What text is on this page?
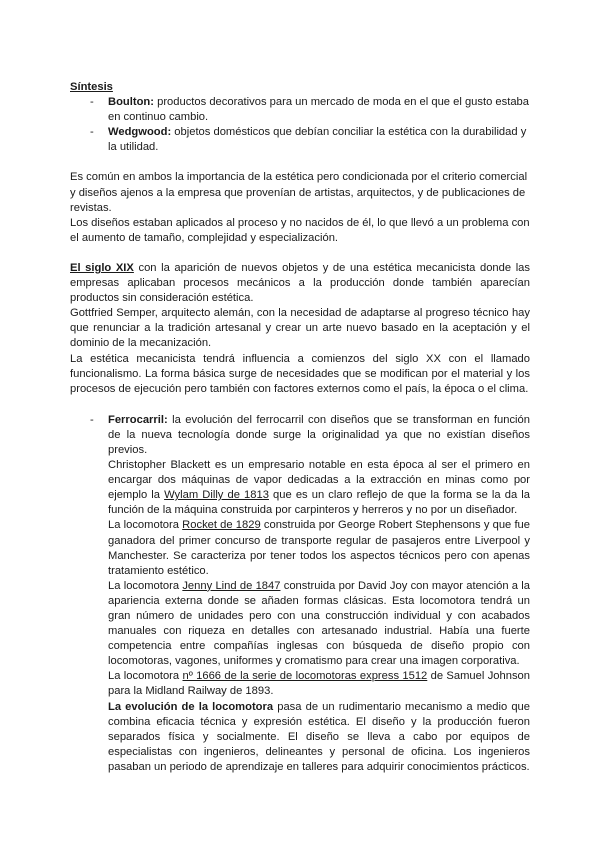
Síntesis

- Boulton: productos decorativos para un mercado de moda en el que el gusto estaba en continuo cambio.
- Wedgwood: objetos domésticos que debían conciliar la estética con la durabilidad y la utilidad.

Es común en ambos la importancia de la estética pero condicionada por el criterio comercial y diseños ajenos a la empresa que provenían de artistas, arquitectos, y de publicaciones de revistas.

Los diseños estaban aplicados al proceso y no nacidos de él, lo que llevó a un problema con el aumento de tamaño, complejidad y especialización.

El siglo XIX con la aparición de nuevos objetos y de una estética mecanicista donde las empresas aplicaban procesos mecánicos a la producción donde también aparecían productos sin consideración estética.

Gottfried Semper, arquitecto alemán, con la necesidad de adaptarse al progreso técnico hay que renunciar a la tradición artesanal y crear un arte nuevo basado en la aceptación y el dominio de la mecanización.

La estética mecanicista tendrá influencia a comienzos del siglo XX con el llamado funcionalismo. La forma básica surge de necesidades que se modifican por el material y los procesos de ejecución pero también con factores externos como el país, la época o el clima.

- Ferrocarril: la evolución del ferrocarril con diseños que se transforman en función de la nueva tecnología donde surge la originalidad ya que no existían diseños previos.

Christopher Blackett es un empresario notable en esta época al ser el primero en encargar dos máquinas de vapor dedicadas a la extracción en minas como por ejemplo la Wylam Dilly de 1813 que es un claro reflejo de que la forma se la da la función de la máquina construida por carpinteros y herreros y no por un diseñador.

La locomotora Rocket de 1829 construida por George Robert Stephensons y que fue ganadora del primer concurso de transporte regular de pasajeros entre Liverpool y Manchester. Se caracteriza por tener todos los aspectos técnicos pero con apenas tratamiento estético.

La locomotora Jenny Lind de 1847 construida por David Joy con mayor atención a la apariencia externa donde se añaden formas clásicas. Esta locomotora tendrá un gran número de unidades pero con una construcción individual y con acabados manuales con riqueza en detalles con artesanado industrial. Había una fuerte competencia entre compañías inglesas con búsqueda de diseño propio con locomotoras, vagones, uniformes y cromatismo para crear una imagen corporativa.

La locomotora nº 1666 de la serie de locomotoras express 1512 de Samuel Johnson para la Midland Railway de 1893.

La evolución de la locomotora pasa de un rudimentario mecanismo a medio que combina eficacia técnica y expresión estética. El diseño y la producción fueron separados física y socialmente. El diseño se lleva a cabo por equipos de especialistas con ingenieros, delineantes y personal de oficina. Los ingenieros pasaban un periodo de aprendizaje en talleres para adquirir conocimientos prácticos.
